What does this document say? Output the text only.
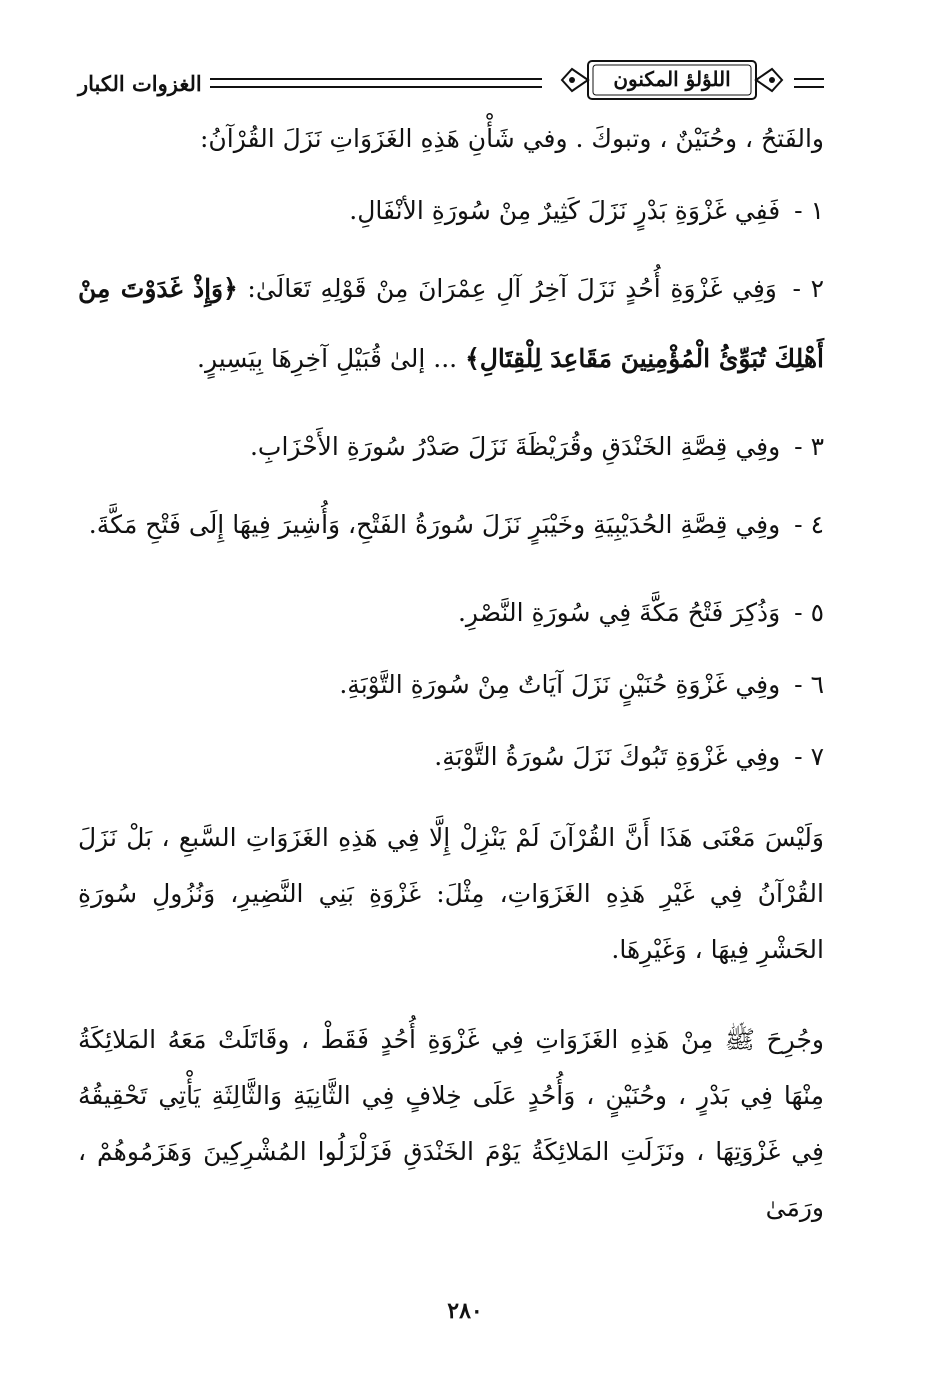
اللؤلؤ المكنون
الغزوات الكبار

والفَتحُ ، وحُنَيْنٌ ، وتبوكَ . وفي شَأْنِ هَذِهِ الغَزَوَاتِ نَزَلَ القُرْآنُ:

١ - فَفِي غَزْوَةِ بَدْرٍ نَزَلَ كَثِيرٌ مِنْ سُورَةِ الأنْفَالِ.

٢ - وَفِي غَزْوَةِ أُحُدٍ نَزَلَ آخِرُ آلِ عِمْرَانَ مِنْ قَوْلِهِ تَعَالَىٰ: ﴿وَإِذْ غَدَوْتَ مِنْ أَهْلِكَ تُبَوِّئُ الْمُؤْمِنِينَ مَقَاعِدَ لِلْقِتَالِ﴾ ... إلىٰ قُبَيْلِ آخِرِهَا بِيَسِيرٍ.

٣ - وفِي قِصَّةِ الخَنْدَقِ وقُرَيْظَةَ نَزَلَ صَدْرُ سُورَةِ الأَحْزَابِ.

٤ - وفِي قِصَّةِ الحُدَيْبِيَةِ وخَيْبَرٍ نَزَلَ سُورَةُ الفَتْحِ، وَأُشِيرَ فِيهَا إِلَى فَتْحِ مَكَّةَ.

٥ - وَذُكِرَ فَتْحُ مَكَّةَ فِي سُورَةِ النَّصْرِ.

٦ - وفِي غَزْوَةِ حُنَيْنٍ نَزَلَ آيَاتٌ مِنْ سُورَةِ التَّوْبَةِ.

٧ - وفِي غَزْوَةِ تَبُوكَ نَزَلَ سُورَةُ التَّوْبَةِ.

وَلَيْسَ مَعْنَى هَذَا أَنَّ القُرْآنَ لَمْ يَنْزِلْ إِلَّا فِي هَذِهِ الغَزَوَاتِ السَّبعِ ، بَلْ نَزَلَ القُرْآنُ فِي غَيْرِ هَذِهِ الغَزَوَاتِ، مِثْلَ: غَزْوَةِ بَنِي النَّضِيرِ، وَنُزُولِ سُورَةِ الحَشْرِ فِيهَا ، وَغَيْرِهَا.

وجُرِحَ ﷺ مِنْ هَذِهِ الغَزَوَاتِ فِي غَزْوَةِ أُحُدٍ فَقَطْ ، وقَاتَلَتْ مَعَهُ المَلائِكَةُ مِنْهَا فِي بَدْرٍ ، وحُنَيْنٍ ، وَأُحُدٍ عَلَى خِلافٍ فِي الثَّانِيَةِ وَالثَّالِثَةِ يَأْتِي تَحْقِيقُهُ فِي غَزْوَتِهَا ، ونَزَلَتِ المَلائِكَةُ يَوْمَ الخَنْدَقِ فَزَلْزَلُوا المُشْرِكِينَ وَهَزَمُوهُمْ ، ورَمَىٰ

٢٨٠
